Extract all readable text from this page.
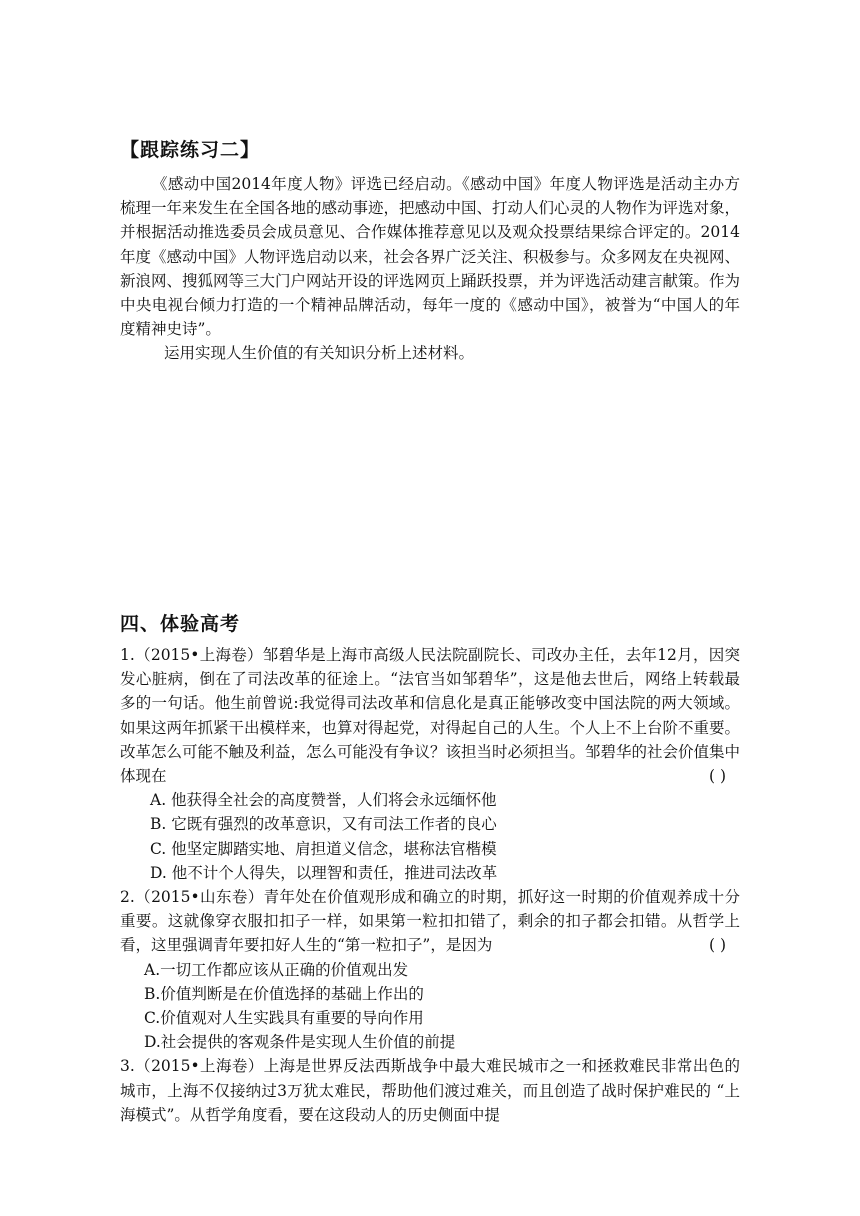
【跟踪练习二】

《感动中国2014年度人物》评选已经启动。《感动中国》年度人物评选是活动主办方梳理一年来发生在全国各地的感动事迹，把感动中国、打动人们心灵的人物作为评选对象，并根据活动推选委员会成员意见、合作媒体推荐意见以及观众投票结果综合评定的。2014年度《感动中国》人物评选启动以来，社会各界广泛关注、积极参与。众多网友在央视网、新浪网、搜狐网等三大门户网站开设的评选网页上踊跃投票，并为评选活动建言献策。作为中央电视台倾力打造的一个精神品牌活动，每年一度的《感动中国》，被誉为“中国人的年度精神史诗”。

运用实现人生价值的有关知识分析上述材料。

四、体验高考

1.（2015•上海卷）邹碧华是上海市高级人民法院副院长、司改办主任，去年12月，因突发心脏病，倒在了司法改革的征途上。“法官当如邹碧华”，这是他去世后，网络上转载最多的一句话。他生前曾说:我觉得司法改革和信息化是真正能够改变中国法院的两大领域。如果这两年抓紧干出模样来，也算对得起党，对得起自己的人生。个人上不上台阶不重要。改革怎么可能不触及利益，怎么可能没有争议？该担当时必须担当。邹碧华的社会价值集中体现在	( )

A. 他获得全社会的高度赞誉，人们将会永远缅怀他

B. 它既有强烈的改革意识，又有司法工作者的良心

C. 他坚定脚踏实地、肩担道义信念，堪称法官楷模

D. 他不计个人得失，以理智和责任，推进司法改革

2.（2015•山东卷）青年处在价值观形成和确立的时期，抓好这一时期的价值观养成十分重要。这就像穿衣服扣扣子一样，如果第一粒扣扣错了，剩余的扣子都会扣错。从哲学上看，这里强调青年要扣好人生的“第一粒扣子”，是因为	( )

A.一切工作都应该从正确的价值观出发

B.价值判断是在价值选择的基础上作出的

C.价值观对人生实践具有重要的导向作用

D.社会提供的客观条件是实现人生价值的前提

3.（2015•上海卷）上海是世界反法西斯战争中最大难民城市之一和拯救难民非常出色的城市，上海不仅接纳过3万犹太难民，帮助他们渡过难关，而且创造了战时保护难民的 “上海模式”。从哲学角度看，要在这段动人的历史侧面中提
